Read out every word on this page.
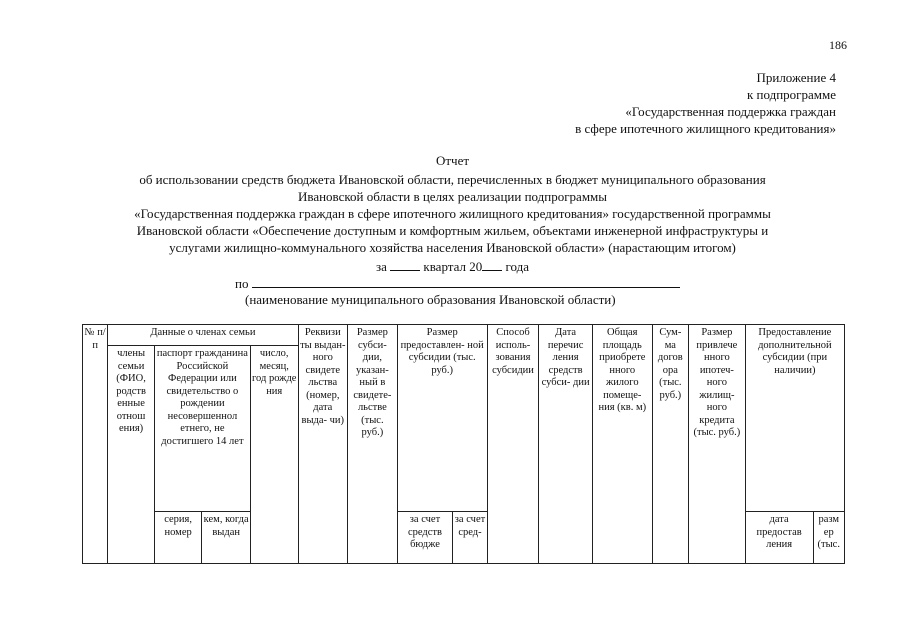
186
Приложение 4
к подпрограмме
«Государственная поддержка граждан
в сфере ипотечного жилищного кредитования»
Отчет
об использовании средств бюджета Ивановской области, перечисленных в бюджет муниципального образования
Ивановской области в целях реализации подпрограммы
«Государственная поддержка граждан в сфере ипотечного жилищного кредитования» государственной программы
Ивановской области «Обеспечение доступным и комфортным жильем, объектами инженерной инфраструктуры и
услугами жилищно-коммунального хозяйства населения Ивановской области» (нарастающим итогом)
за	квартал 20 года
по
(наименование муниципального образования Ивановской области)
№ п/п	Данные о членах семьи				Реквизи ты выдан- ного свидете льства (номер, дата выда- чи)	Размер субси- дии, указан- ный в свидете- льстве (тыс. руб.)	Размер предоставлен- ной субсидии (тыс. руб.)		Способ исполь- зования субсидии	Дата перечис ления средств субси- дии	Общая площадь приобрете нного жилого помеще- ния (кв. м)	Сум- ма догов ора (тыс. руб.)	Размер привлече нного ипотеч- ного жилищ- ного кредита (тыс. руб.)	Предоставление дополнительной субсидии (при наличии)	
	члены семьи (ФИО, родств енные отнош ения)	паспорт гражданина Российской Федерации или свидетельство о рождении несовершеннол етнего, не достигшего 14 лет		число, месяц, год рожде ния											
		серия, номер	кем, когда выдан				за счет средств бюдже	за счет сред-						дата предостав ления	разм ер (тыс.
